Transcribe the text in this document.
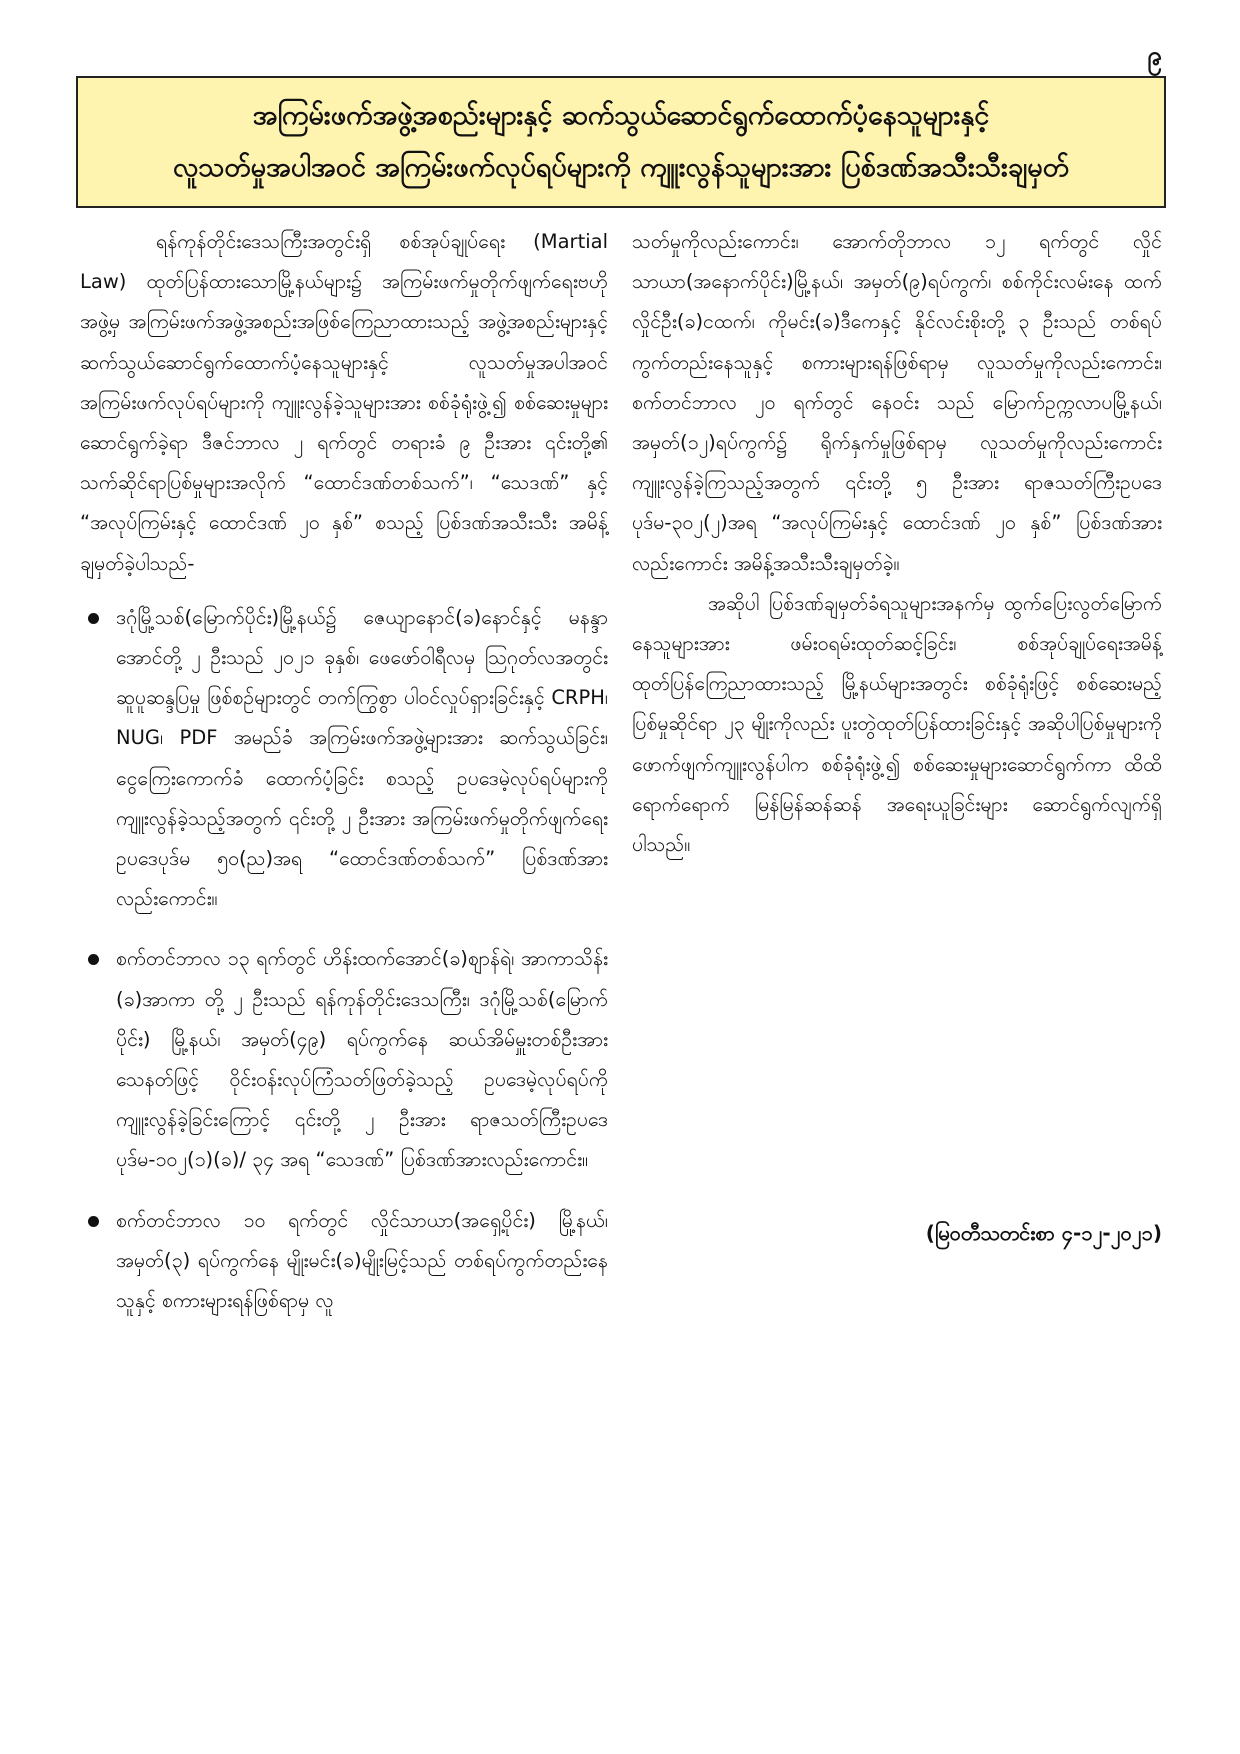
၉
အကြမ်းဖက်အဖွဲ့အစည်းများနှင့် ဆက်သွယ်ဆောင်ရွက်ထောက်ပံ့နေသူများနှင့်
လူသတ်မှုအပါအဝင် အကြမ်းဖက်လုပ်ရပ်များကို ကျူးလွန်သူများအား ပြစ်ဒဏ်အသီးသီးချမှတ်

ရန်ကုန်တိုင်းဒေသကြီးအတွင်းရှိ စစ်အုပ်ချုပ်ရေး (Martial Law) ထုတ်ပြန်ထားသောမြို့နယ်များ၌ အကြမ်းဖက်မှုတိုက်ဖျက်ရေးဗဟိုအဖွဲ့မှ အကြမ်းဖက်အဖွဲ့အစည်းအဖြစ်ကြေညာထားသည့် အဖွဲ့အစည်းများနှင့် ဆက်သွယ်ဆောင်ရွက်ထောက်ပံ့နေသူများနှင့် လူသတ်မှုအပါအဝင် အကြမ်းဖက်လုပ်ရပ်များကို ကျူးလွန်ခဲ့သူများအား စစ်ခုံရုံးဖွဲ့၍ စစ်ဆေးမှုများဆောင်ရွက်ခဲ့ရာ ဒီဇင်ဘာလ ၂ ရက်တွင် တရားခံ ၉ ဦးအား ၎င်းတို့၏ သက်ဆိုင်ရာပြစ်မှုများအလိုက် “ထောင်ဒဏ်တစ်သက်”၊ “သေဒဏ်” နှင့် “အလုပ်ကြမ်းနှင့် ထောင်ဒဏ် ၂၀ နှစ်” စသည့် ပြစ်ဒဏ်အသီးသီး အမိန့်ချမှတ်ခဲ့ပါသည်-

ဒဂုံမြို့သစ်(မြောက်ပိုင်း)မြို့နယ်၌ ဇေယျာနောင်(ခ)နောင်နှင့် မနန္ဒာအောင်တို့ ၂ ဦးသည် ၂၀၂၁ ခုနှစ်၊ ဖေဖော်ဝါရီလမှ ဩဂုတ်လအတွင်း ဆူပူဆန္ဒပြမှု ဖြစ်စဉ်များတွင် တက်ကြွစွာ ပါဝင်လှုပ်ရှားခြင်းနှင့် CRPH၊ NUG၊ PDF အမည်ခံ အကြမ်းဖက်အဖွဲ့များအား ဆက်သွယ်ခြင်း၊ ငွေကြေးကောက်ခံ ထောက်ပံ့ခြင်း စသည့် ဥပဒေမဲ့လုပ်ရပ်များကို ကျူးလွန်ခဲ့သည့်အတွက် ၎င်းတို့ ၂ ဦးအား အကြမ်းဖက်မှုတိုက်ဖျက်ရေး ဥပဒေပုဒ်မ ၅၀(ည)အရ “ထောင်ဒဏ်တစ်သက်” ပြစ်ဒဏ်အားလည်းကောင်း။
စက်တင်ဘာလ ၁၃ ရက်တွင် ဟိန်းထက်အောင်(ခ)စျာန်ရဲ၊ အာကာသိန်း (ခ)အာကာ တို့ ၂ ဦးသည် ရန်ကုန်တိုင်းဒေသကြီး၊ ဒဂုံမြို့သစ်(မြောက်ပိုင်း) မြို့နယ်၊ အမှတ်(၄၉) ရပ်ကွက်နေ ဆယ်အိမ်မှူးတစ်ဦးအား သေနတ်ဖြင့် ဝိုင်းဝန်းလုပ်ကြံသတ်ဖြတ်ခဲ့သည့် ဥပဒေမဲ့လုပ်ရပ်ကို ကျူးလွန်ခဲ့ခြင်းကြောင့် ၎င်းတို့ ၂ ဦးအား ရာဇသတ်ကြီးဥပဒေပုဒ်မ-၁၀၂(၁)(ခ)/ ၃၄ အရ “သေဒဏ်” ပြစ်ဒဏ်အားလည်းကောင်း။
စက်တင်ဘာလ ၁၀ ရက်တွင် လှိုင်သာယာ(အရှေ့ပိုင်း) မြို့နယ်၊ အမှတ်(၃) ရပ်ကွက်နေ မျိုးမင်း(ခ)မျိုးမြင့်သည် တစ်ရပ်ကွက်တည်းနေသူနှင့် စကားများရန်ဖြစ်ရာမှ လူ

သတ်မှုကိုလည်းကောင်း၊ အောက်တိုဘာလ ၁၂ ရက်တွင် လှိုင်သာယာ(အနောက်ပိုင်း)မြို့နယ်၊ အမှတ်(၉)ရပ်ကွက်၊ စစ်ကိုင်းလမ်းနေ ထက်လှိုင်ဦး(ခ)ငထက်၊ ကိုမင်း(ခ)ဒီကေနှင့် နိုင်လင်းစိုးတို့ ၃ ဦးသည် တစ်ရပ်ကွက်တည်းနေသူနှင့် စကားများရန်ဖြစ်ရာမှ လူသတ်မှုကိုလည်းကောင်း၊ စက်တင်ဘာလ ၂၀ ရက်တွင် နေဝင်း သည် မြောက်ဥက္ကလာပမြို့နယ်၊ အမှတ်(၁၂)ရပ်ကွက်၌ ရိုက်နှက်မှုဖြစ်ရာမှ လူသတ်မှုကိုလည်းကောင်း ကျူးလွန်ခဲ့ကြသည့်အတွက် ၎င်းတို့ ၅ ဦးအား ရာဇသတ်ကြီးဥပဒေ ပုဒ်မ-၃၀၂(၂)အရ “အလုပ်ကြမ်းနှင့် ထောင်ဒဏ် ၂၀ နှစ်” ပြစ်ဒဏ်အားလည်းကောင်း အမိန့်အသီးသီးချမှတ်ခဲ့။

အဆိုပါ ပြစ်ဒဏ်ချမှတ်ခံရသူများအနက်မှ ထွက်ပြေးလွတ်မြောက်နေသူများအား ဖမ်းဝရမ်းထုတ်ဆင့်ခြင်း၊ စစ်အုပ်ချုပ်ရေးအမိန့်ထုတ်ပြန်ကြေညာထားသည့် မြို့နယ်များအတွင်း စစ်ခုံရုံးဖြင့် စစ်ဆေးမည့်ပြစ်မှုဆိုင်ရာ ၂၃ မျိုးကိုလည်း ပူးတွဲထုတ်ပြန်ထားခြင်းနှင့် အဆိုပါပြစ်မှုများကို ဖောက်ဖျက်ကျူးလွန်ပါက စစ်ခုံရုံးဖွဲ့၍ စစ်ဆေးမှုများဆောင်ရွက်ကာ ထိထိရောက်ရောက် မြန်မြန်ဆန်ဆန် အရေးယူခြင်းများ ဆောင်ရွက်လျက်ရှိပါသည်။

(မြဝတီသတင်းစာ ၄-၁၂-၂၀၂၁)
